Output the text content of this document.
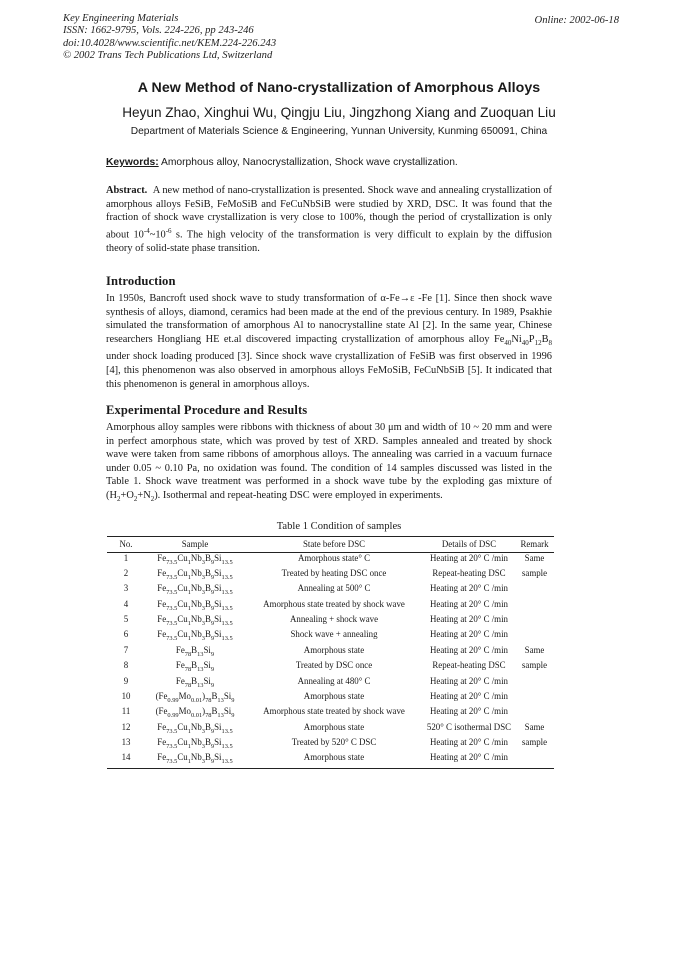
Key Engineering Materials
ISSN: 1662-9795, Vols. 224-226, pp 243-246
doi:10.4028/www.scientific.net/KEM.224-226.243
© 2002 Trans Tech Publications Ltd, Switzerland
Online: 2002-06-18
A New Method of Nano-crystallization of Amorphous Alloys
Heyun Zhao, Xinghui Wu, Qingju Liu, Jingzhong Xiang and Zuoquan Liu
Department of Materials Science & Engineering, Yunnan University, Kunming 650091, China
Keywords: Amorphous alloy, Nanocrystallization, Shock wave crystallization.
Abstract. A new method of nano-crystallization is presented. Shock wave and annealing crystallization of amorphous alloys FeSiB, FeMoSiB and FeCuNbSiB were studied by XRD, DSC. It was found that the fraction of shock wave crystallization is very close to 100%, though the period of crystallization is only about $10^{-4}\sim 10^{-6}$ s. The high velocity of the transformation is very difficult to explain by the diffusion theory of solid-state phase transition.
Introduction
In 1950s, Bancroft used shock wave to study transformation of α-Fe→ε -Fe [1]. Since then shock wave synthesis of alloys, diamond, ceramics had been made at the end of the previous century. In 1989, Psakhie simulated the transformation of amorphous Al to nanocrystalline state Al [2]. In the same year, Chinese researchers Hongliang HE et.al discovered impacting crystallization of amorphous alloy $Fe_{40}Ni_{40}P_{12}B_8$ under shock loading produced [3]. Since shock wave crystallization of FeSiB was first observed in 1996 [4], this phenomenon was also observed in amorphous alloys FeMoSiB, FeCuNbSiB [5]. It indicated that this phenomenon is general in amorphous alloys.
Experimental Procedure and Results
Amorphous alloy samples were ribbons with thickness of about 30 μm and width of 10 ~ 20 mm and were in perfect amorphous state, which was proved by test of XRD. Samples annealed and treated by shock wave were taken from same ribbons of amorphous alloys. The annealing was carried in a vacuum furnace under 0.05 ~ 0.10 Pa, no oxidation was found. The condition of 14 samples discussed was listed in the Table 1. Shock wave treatment was performed in a shock wave tube by the exploding gas mixture of $(H_2+O_2+N_2)$. Isothermal and repeat-heating DSC were employed in experiments.
Table 1 Condition of samples
No.	Sample	State before DSC	Details of DSC	Remark
1	$Fe_{73.5}Cu_1Nb_3B_9Si_{13.5}$	Amorphous state° C	Heating at 20° C /min	Same
2	$Fe_{73.5}Cu_1Nb_3B_9Si_{13.5}$	Treated by heating DSC once	Repeat-heating DSC	sample
3	$Fe_{73.5}Cu_1Nb_3B_9Si_{13.5}$	Annealing at 500° C	Heating at 20° C /min	
4	$Fe_{73.5}Cu_1Nb_3B_9Si_{13.5}$	Amorphous state treated by shock wave	Heating at 20° C /min	
5	$Fe_{73.5}Cu_1Nb_3B_9Si_{13.5}$	Annealing + shock wave	Heating at 20° C /min	
6	$Fe_{73.5}Cu_1Nb_3B_9Si_{13.5}$	Shock wave + annealing	Heating at 20° C /min	
7	$Fe_{78}B_{13}Si_9$	Amorphous state	Heating at 20° C /min	Same
8	$Fe_{78}B_{13}Si_9$	Treated by DSC once	Repeat-heating DSC	sample
9	$Fe_{78}B_{13}Si_9$	Annealing at 480° C	Heating at 20° C /min	
10	$(Fe_{0.99}Mo_{0.01})_{78}B_{13}Si_9$	Amorphous state	Heating at 20° C /min	
11	$(Fe_{0.99}Mo_{0.01})_{78}B_{13}Si_9$	Amorphous state treated by shock wave	Heating at 20° C /min	
12	$Fe_{73.5}Cu_1Nb_3B_9Si_{13.5}$	Amorphous state	520° C isothermal DSC	Same
13	$Fe_{73.5}Cu_1Nb_3B_9Si_{13.5}$	Treated by 520° C DSC	Heating at 20° C /min	sample
14	$Fe_{73.5}Cu_1Nb_3B_9Si_{13.5}$	Amorphous state	Heating at 20° C /min	
